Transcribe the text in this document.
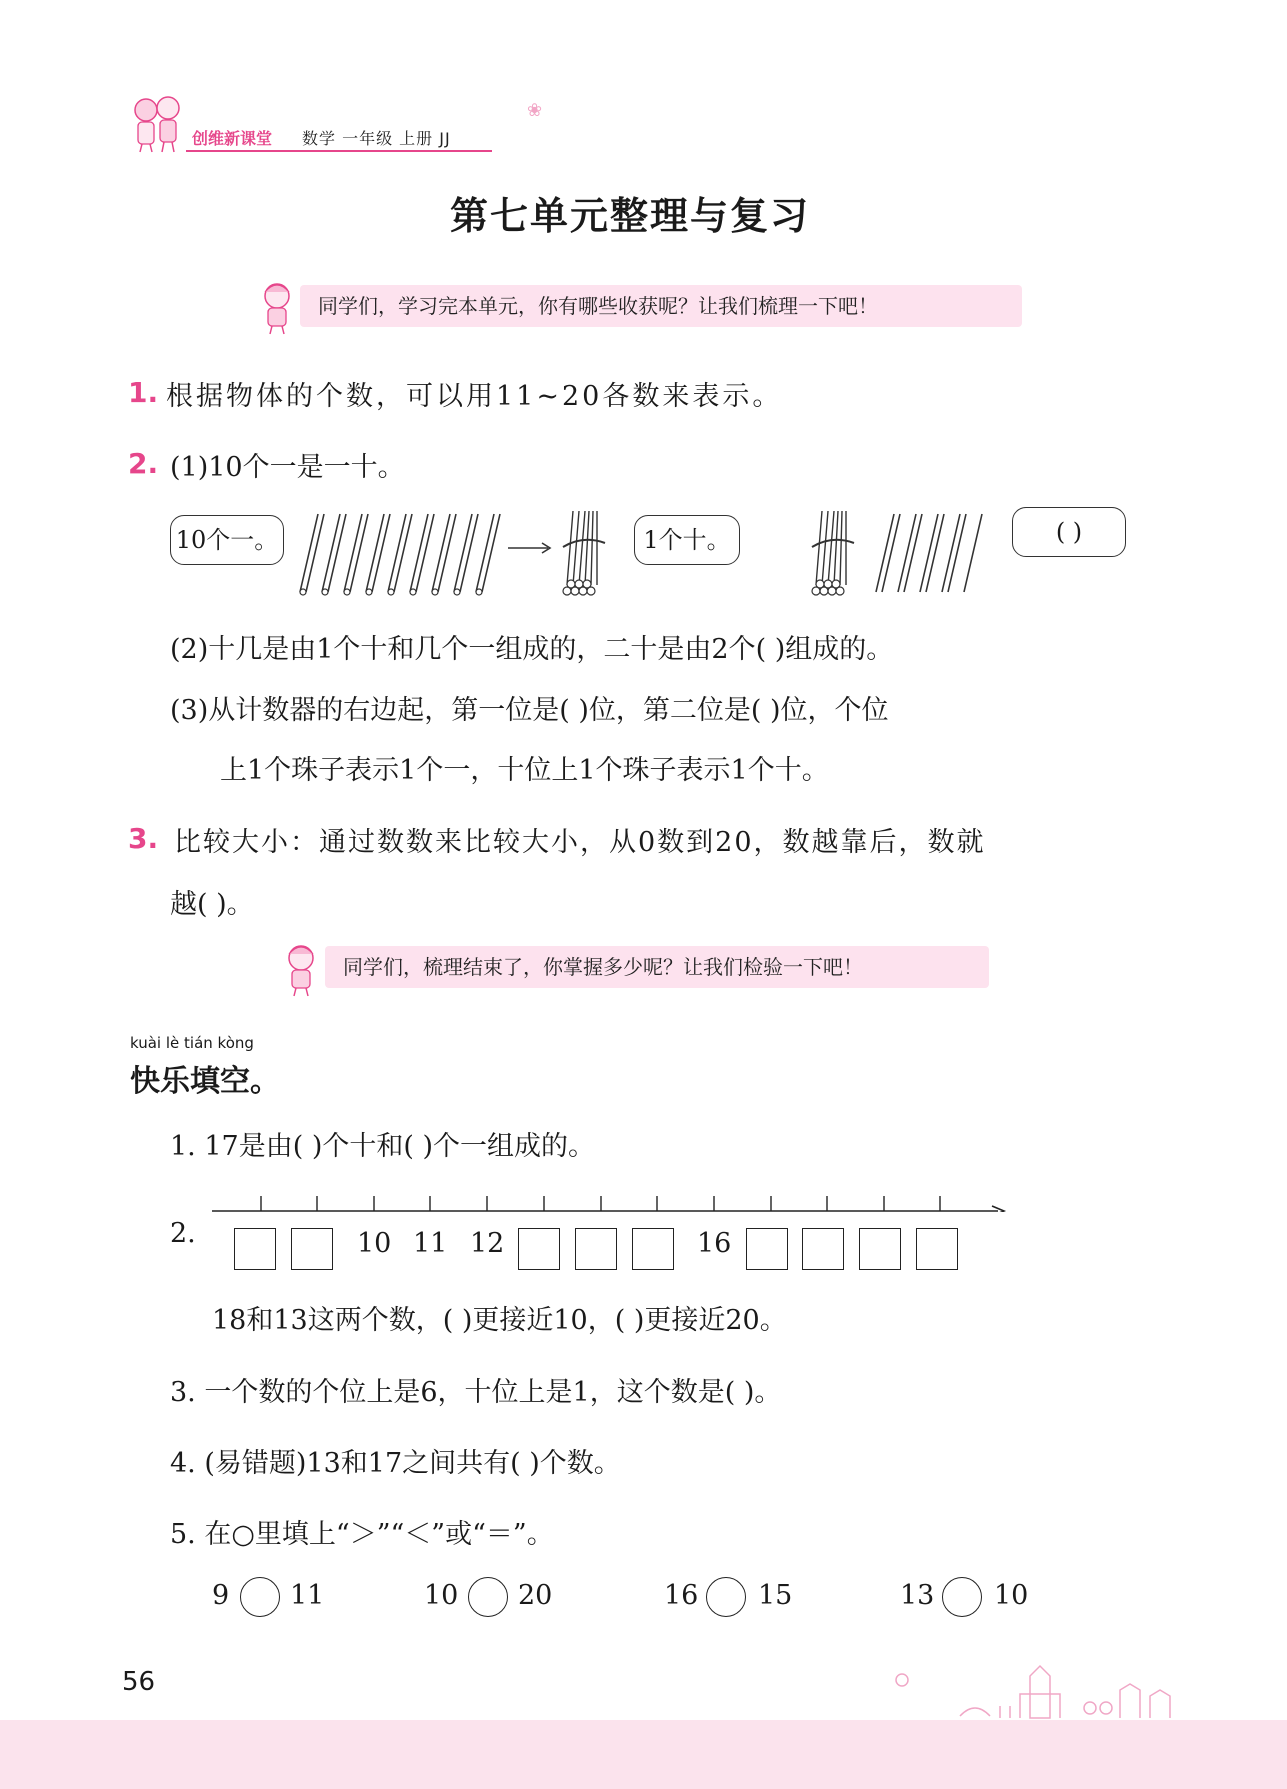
创维新课堂 数学 一年级 上册 JJ
❀
第七单元整理与复习
同学们，学习完本单元，你有哪些收获呢？让我们梳理一下吧！
1. 根据物体的个数，可以用11~20各数来表示。
2. (1)10个一是一十。
10个一。	1个十。	( )
(2)十几是由1个十和几个一组成的，二十是由2个( )组成的。
(3)从计数器的右边起，第一位是( )位，第二位是( )位，个位
上1个珠子表示1个一，十位上1个珠子表示1个十。
3. 比较大小：通过数数来比较大小，从0数到20，数越靠后，数就
越( )。
同学们，梳理结束了，你掌握多少呢？让我们检验一下吧！
kuài lè tián kòng
快乐填空。
1. 17是由( )个十和( )个一组成的。
2.	10 11 12	16
18和13这两个数，( )更接近10，( )更接近20。
3. 一个数的个位上是6，十位上是1，这个数是( )。
4. (易错题)13和17之间共有( )个数。
5. 在○里填上“＞”“＜”或“＝”。
9 11	10 20	16 15	13 10
56
